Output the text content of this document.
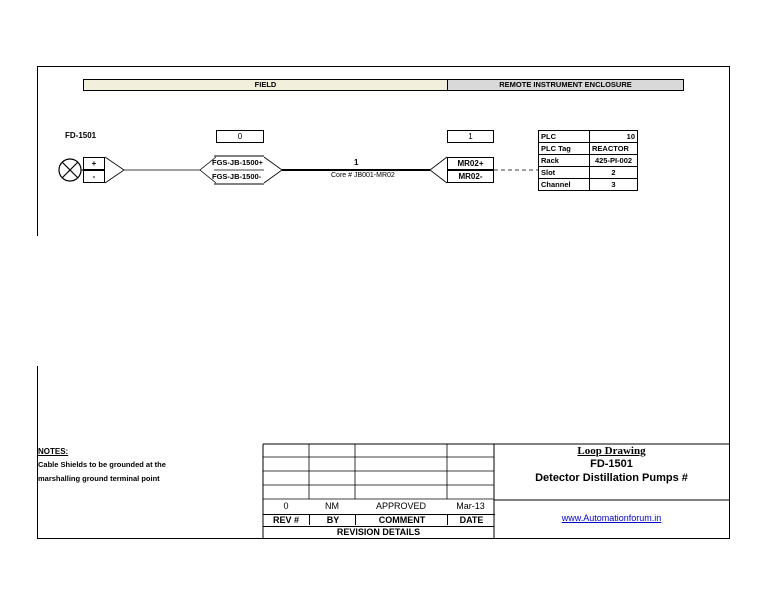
FIELD	REMOTE INSTRUMENT ENCLOSURE
FD-1501	0	1
+
-
FGS-JB-1500+
FGS-JB-1500-
MR02+
MR02-
1
Core # JB001-MR02
PLC	10
PLC Tag	REACTOR
Rack	425-PI-002
Slot	2
Channel	3
NOTES:
Cable Shields to be grounded at the
marshalling ground terminal point
0	NM	APPROVED	Mar-13
REV #	BY	COMMENT	DATE
REVISION DETAILS
Loop Drawing
FD-1501
Detector Distillation Pumps #
www.Automationforum.in
